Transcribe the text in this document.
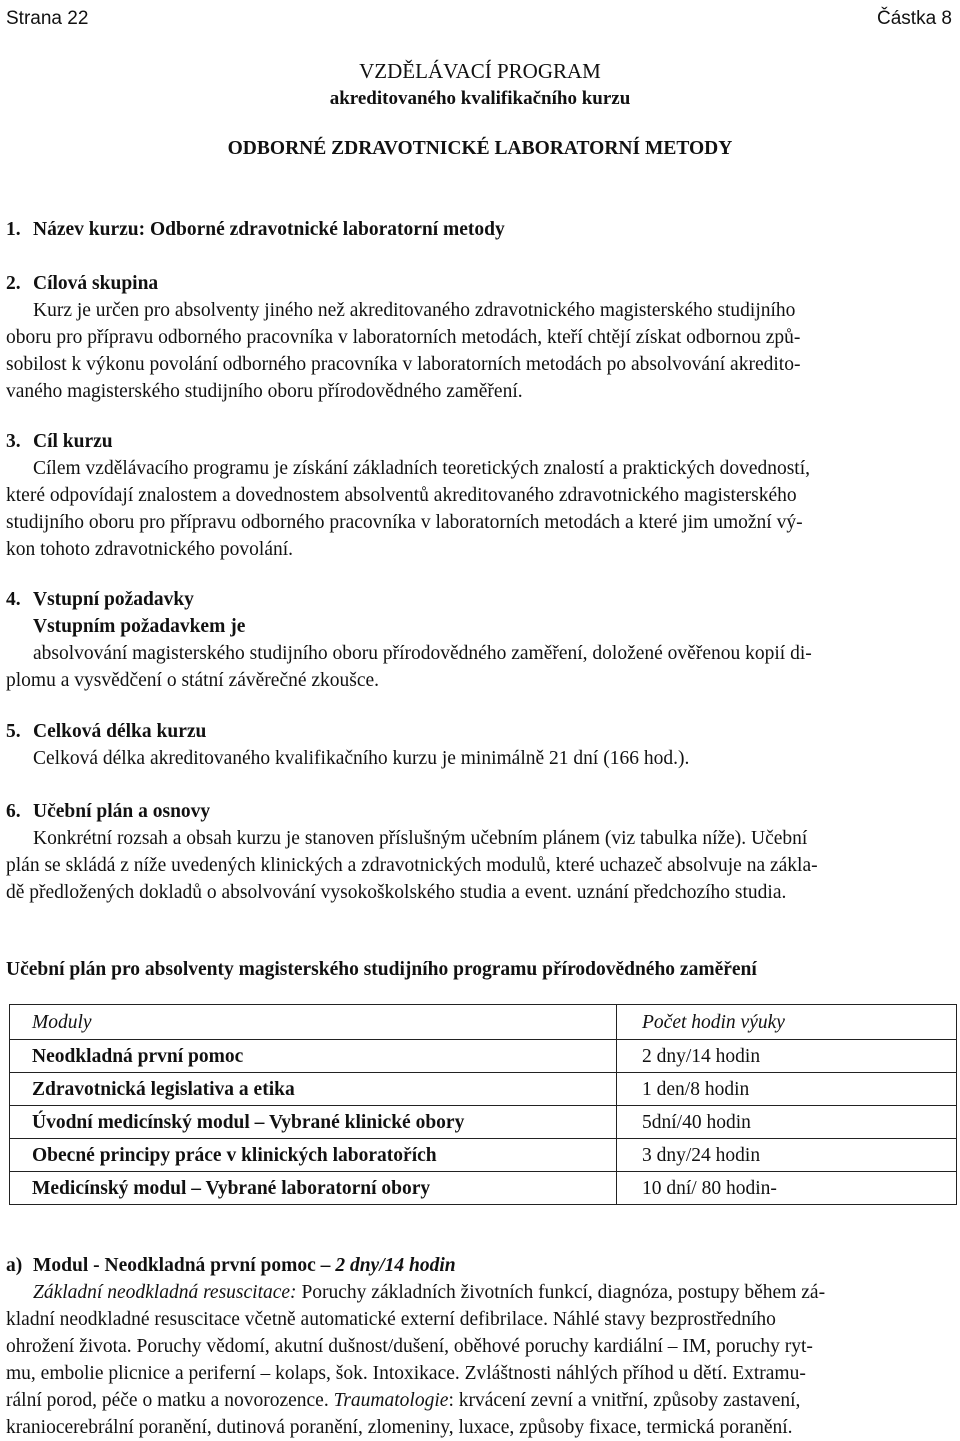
Strana 22	Částka 8
VZDĚLÁVACÍ PROGRAM
akreditovaného kvalifikačního kurzu
ODBORNÉ ZDRAVOTNICKÉ LABORATORNÍ METODY
1. Název kurzu: Odborné zdravotnické laboratorní metody
2. Cílová skupina
Kurz je určen pro absolventy jiného než akreditovaného zdravotnického magisterského studijního
oboru pro přípravu odborného pracovníka v laboratorních metodách, kteří chtějí získat odbornou způ-
sobilost k výkonu povolání odborného pracovníka v laboratorních metodách po absolvování akredito-
vaného magisterského studijního oboru přírodovědného zaměření.
3. Cíl kurzu
Cílem vzdělávacího programu je získání základních teoretických znalostí a praktických dovedností,
které odpovídají znalostem a dovednostem absolventů akreditovaného zdravotnického magisterského
studijního oboru pro přípravu odborného pracovníka v laboratorních metodách a které jim umožní vý-
kon tohoto zdravotnického povolání.
4. Vstupní požadavky
Vstupním požadavkem je
absolvování magisterského studijního oboru přírodovědného zaměření, doložené ověřenou kopií di-
plomu a vysvědčení o státní závěrečné zkoušce.
5. Celková délka kurzu
Celková délka akreditovaného kvalifikačního kurzu je minimálně 21 dní (166 hod.).
6. Učební plán a osnovy
Konkrétní rozsah a obsah kurzu je stanoven příslušným učebním plánem (viz tabulka níže). Učební
plán se skládá z níže uvedených klinických a zdravotnických modulů, které uchazeč absolvuje na zákla-
dě předložených dokladů o absolvování vysokoškolského studia a event. uznání předchozího studia.
Učební plán pro absolventy magisterského studijního programu přírodovědného zaměření
Moduly	Počet hodin výuky
Neodkladná první pomoc	2 dny/14 hodin
Zdravotnická legislativa a etika	1 den/8 hodin
Úvodní medicínský modul – Vybrané klinické obory	5dní/40 hodin
Obecné principy práce v klinických laboratořích	3 dny/24 hodin
Medicínský modul – Vybrané laboratorní obory	10 dní/ 80 hodin-
a) Modul - Neodkladná první pomoc – 2 dny/14 hodin
Základní neodkladná resuscitace: Poruchy základních životních funkcí, diagnóza, postupy během zá-
kladní neodkladné resuscitace včetně automatické externí defibrilace. Náhlé stavy bezprostředního
ohrožení života. Poruchy vědomí, akutní dušnost/dušení, oběhové poruchy kardiální – IM, poruchy ryt-
mu, embolie plicnice a periferní – kolaps, šok. Intoxikace. Zvláštnosti náhlých příhod u dětí. Extramu-
rální porod, péče o matku a novorozence. Traumatologie: krvácení zevní a vnitřní, způsoby zastavení,
kraniocerebrální poranění, dutinová poranění, zlomeniny, luxace, způsoby fixace, termická poranění.
